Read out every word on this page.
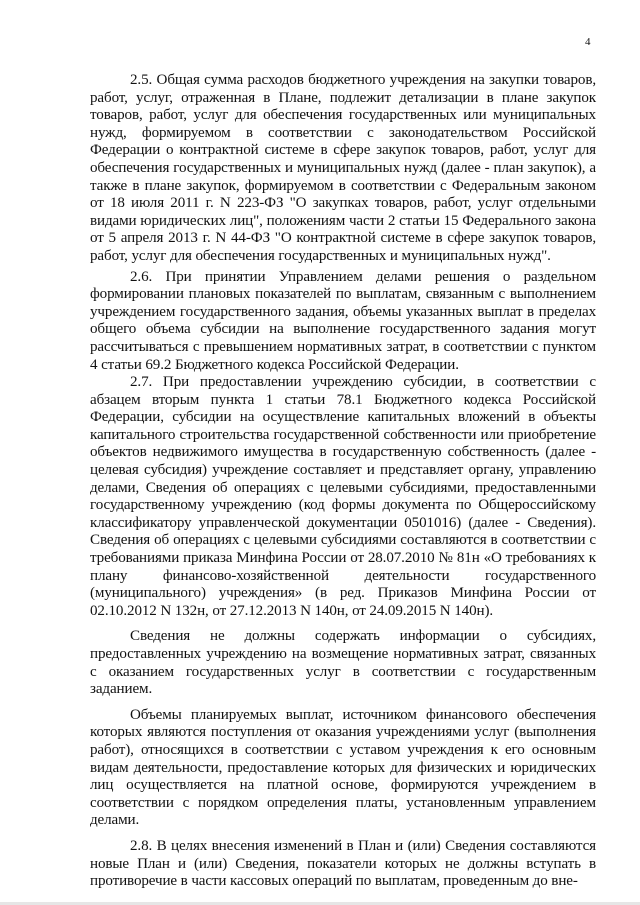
4

2.5. Общая сумма расходов бюджетного учреждения на закупки товаров, работ, услуг, отраженная в Плане, подлежит детализации в плане закупок товаров, работ, услуг для обеспечения государственных или муниципальных нужд, формируемом в соответствии с законодательством Российской Федерации о контрактной системе в сфере закупок товаров, работ, услуг для обеспечения государственных и муниципальных нужд (далее - план закупок), а также в плане закупок, формируемом в соответствии с Федеральным законом от 18 июля 2011 г. N 223-ФЗ "О закупках товаров, работ, услуг отдельными видами юридических лиц", положениям части 2 статьи 15 Федерального закона от 5 апреля 2013 г. N 44-ФЗ "О контрактной системе в сфере закупок товаров, работ, услуг для обеспечения государственных и муниципальных нужд".

2.6. При принятии Управлением делами решения о раздельном формировании плановых показателей по выплатам, связанным с выполнением учреждением государственного задания, объемы указанных выплат в пределах общего объема субсидии на выполнение государственного задания могут рассчитываться с превышением нормативных затрат, в соответствии с пунктом 4 статьи 69.2 Бюджетного кодекса Российской Федерации.

2.7. При предоставлении учреждению субсидии, в соответствии с абзацем вторым пункта 1 статьи 78.1 Бюджетного кодекса Российской Федерации, субсидии на осуществление капитальных вложений в объекты капитального строительства государственной собственности или приобретение объектов недвижимого имущества в государственную собственность (далее - целевая субсидия) учреждение составляет и представляет органу, управлению делами, Сведения об операциях с целевыми субсидиями, предоставленными государственному учреждению (код формы документа по Общероссийскому классификатору управленческой документации 0501016) (далее - Сведения). Сведения об операциях с целевыми субсидиями составляются в соответствии с требованиями приказа Минфина России от 28.07.2010 № 81н «О требованиях к плану финансово-хозяйственной деятельности государственного (муниципального) учреждения» (в ред. Приказов Минфина России от 02.10.2012 N 132н, от 27.12.2013 N 140н, от 24.09.2015 N 140н).

Сведения не должны содержать информации о субсидиях, предоставленных учреждению на возмещение нормативных затрат, связанных с оказанием государственных услуг в соответствии с государственным заданием.

Объемы планируемых выплат, источником финансового обеспечения которых являются поступления от оказания учреждениями услуг (выполнения работ), относящихся в соответствии с уставом учреждения к его основным видам деятельности, предоставление которых для физических и юридических лиц осуществляется на платной основе, формируются учреждением в соответствии с порядком определения платы, установленным управлением делами.

2.8. В целях внесения изменений в План и (или) Сведения составляются новые План и (или) Сведения, показатели которых не должны вступать в противоречие в части кассовых операций по выплатам, проведенным до вне-
